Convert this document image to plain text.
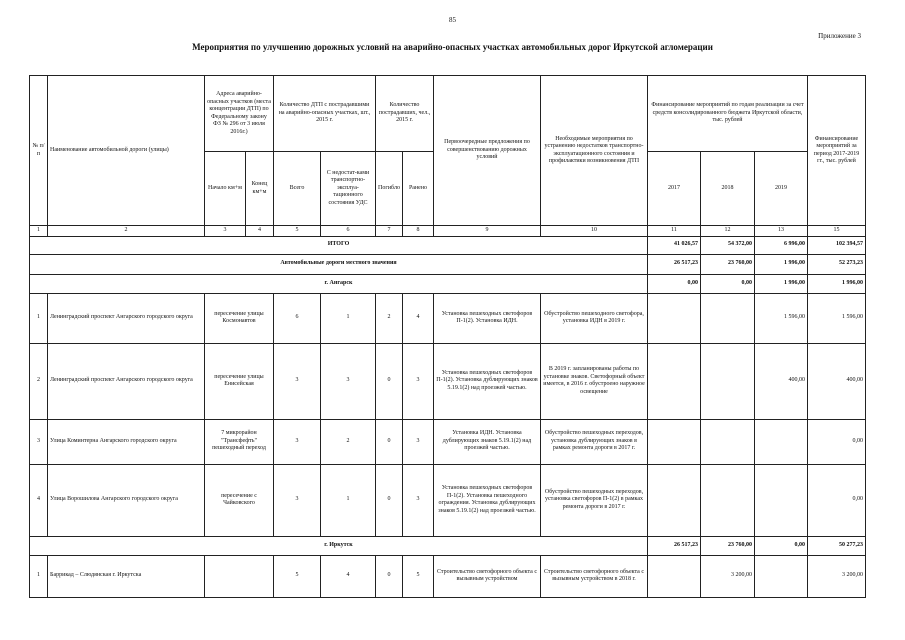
85
Приложение 3
Мероприятия по улучшению дорожных условий на аварийно-опасных участках автомобильных дорог Иркутской агломерации
№ п/п	Наименование автомобильной дороги (улицы)	Адреса аварийно-опасных участков (места концентрации ДТП) по Федеральному закону ФЗ № 296 от 3 июля 2016г.)		Количество ДТП с пострадавшими на аварийно-опасных участках, шт., 2015 г.		Количество пострадавших, чел., 2015 г.		Первоочередные предложения по совершенствованию дорожных условий	Необходимые мероприятия по устранению недостатков транспортно-эксплуатационного состояния и профилактики возникновения ДТП	Финансирование мероприятий по годам реализации за счет средств консолидированного бюджета Иркутской области, тыс. рублей			Финансирование мероприятий за период 2017-2019 гг., тыс. рублей
		Начало км+м	Конец км+м	Всего	С недостат-ками транспортно-эксплуа-тационного состояния УДС	Погибло	Ранено			2017	2018	2019	
1	2	3	4	5	6	7	8	9	10	11	12	13	15
ИТОГО										41 026,57	54 372,00	6 996,00	102 394,57
Автомобильные дороги местного значения										26 517,23	23 760,00	1 996,00	52 273,23
г. Ангарск										0,00	0,00	1 996,00	1 996,00
1	Ленинградский проспект Ангарского городского округа	пересечение улицы Космонавтов		6	1	2	4	Установка пешеходных светофоров П-1(2). Установка ИДН.	Обустройство пешеходного светофора, установка ИДН в 2019 г.			1 596,00	1 596,00
2	Ленинградский проспект Ангарского городского округа	пересечение улицы Енисейская		3	3	0	3	Установка пешеходных светофоров П-1(2). Установка дублирующих знаков 5.19.1(2) над проезжей частью.	В 2019 г. запланированы работы по установке знаков. Светофорный объект имеется, в 2016 г. обустроено наружное освещение			400,00	400,00
3	Улица Коминтерна Ангарского городского округа	7 микрорайон "Трансфефть" пешеходный переход		3	2	0	3	Установка ИДН. Установка дублирующих знаков 5.19.1(2) над проезжей частью.	Обустройство пешеходных переходов, установка дублирующих знаков в рамках ремонта дороги в 2017 г.				0,00
4	Улица Ворошилова Ангарского городского округа	пересечение с Чайковского		3	1	0	3	Установка пешеходных светофоров П-1(2). Установка пешеходного ограждения. Установка дублирующих знаков 5.19.1(2) над проезжей частью.	Обустройство пешеходных переходов, установка светофоров П-1(2) в рамках ремонта дороги в 2017 г.				0,00
г. Иркутск										26 517,23	23 760,00	0,00	50 277,23
1	Баррикад – Слюдянская г. Иркутска			5	4	0	5	Строительство светофорного объекта с вызывным устройством	Строительство светофорного объекта с вызывным устройством в 2018 г.		3 200,00		3 200,00
